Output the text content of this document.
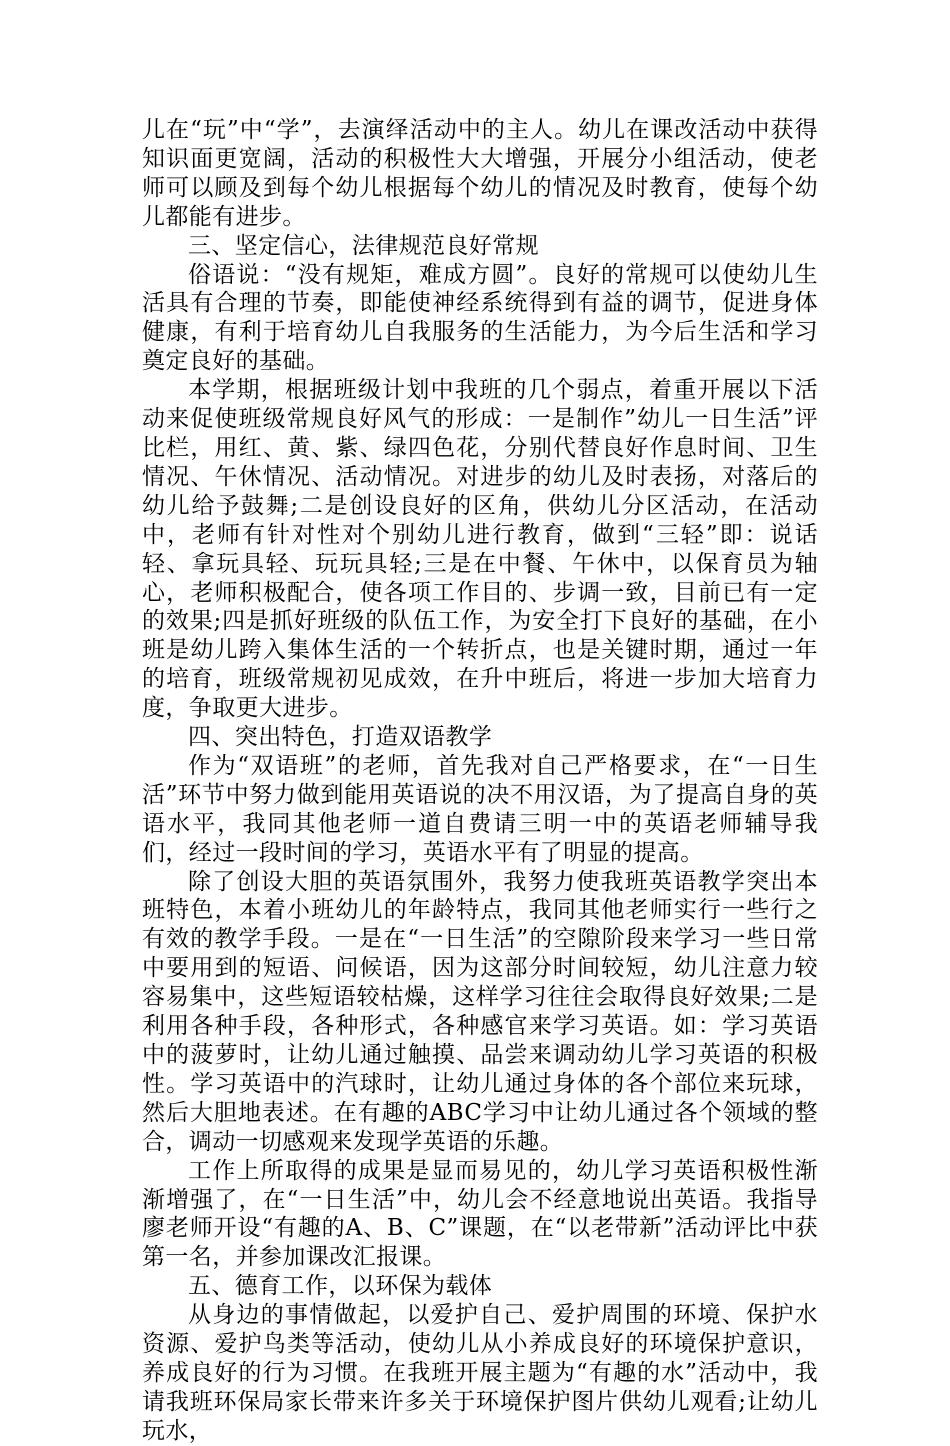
儿在“玩”中“学”，去演绎活动中的主人。幼儿在课改活动中获得知识面更宽阔，活动的积极性大大增强，开展分小组活动，使老师可以顾及到每个幼儿根据每个幼儿的情况及时教育，使每个幼儿都能有进步。

三、坚定信心，法律规范良好常规

俗语说：“没有规矩，难成方圆”。良好的常规可以使幼儿生活具有合理的节奏，即能使神经系统得到有益的调节，促进身体健康，有利于培育幼儿自我服务的生活能力，为今后生活和学习奠定良好的基础。

本学期，根据班级计划中我班的几个弱点，着重开展以下活动来促使班级常规良好风气的形成：一是制作”幼儿一日生活”评比栏，用红、黄、紫、绿四色花，分别代替良好作息时间、卫生情况、午休情况、活动情况。对进步的幼儿及时表扬，对落后的幼儿给予鼓舞;二是创设良好的区角，供幼儿分区活动，在活动中，老师有针对性对个别幼儿进行教育，做到“三轻”即：说话轻、拿玩具轻、玩玩具轻;三是在中餐、午休中，以保育员为轴心，老师积极配合，使各项工作目的、步调一致，目前已有一定的效果;四是抓好班级的队伍工作，为安全打下良好的基础，在小班是幼儿跨入集体生活的一个转折点，也是关键时期，通过一年的培育，班级常规初见成效，在升中班后，将进一步加大培育力度，争取更大进步。

四、突出特色，打造双语教学

作为“双语班”的老师，首先我对自己严格要求，在“一日生活”环节中努力做到能用英语说的决不用汉语，为了提高自身的英语水平，我同其他老师一道自费请三明一中的英语老师辅导我们，经过一段时间的学习，英语水平有了明显的提高。

除了创设大胆的英语氛围外，我努力使我班英语教学突出本班特色，本着小班幼儿的年龄特点，我同其他老师实行一些行之有效的教学手段。一是在“一日生活”的空隙阶段来学习一些日常中要用到的短语、问候语，因为这部分时间较短，幼儿注意力较容易集中，这些短语较枯燥，这样学习往往会取得良好效果;二是利用各种手段，各种形式，各种感官来学习英语。如：学习英语中的菠萝时，让幼儿通过触摸、品尝来调动幼儿学习英语的积极性。学习英语中的汽球时，让幼儿通过身体的各个部位来玩球，然后大胆地表述。在有趣的ABC学习中让幼儿通过各个领域的整合，调动一切感观来发现学英语的乐趣。

工作上所取得的成果是显而易见的，幼儿学习英语积极性渐渐增强了，在“一日生活”中，幼儿会不经意地说出英语。我指导廖老师开设“有趣的A、B、C”课题，在“以老带新”活动评比中获第一名，并参加课改汇报课。

五、德育工作，以环保为载体

从身边的事情做起，以爱护自己、爱护周围的环境、保护水资源、爱护鸟类等活动，使幼儿从小养成良好的环境保护意识，养成良好的行为习惯。在我班开展主题为“有趣的水”活动中，我请我班环保局家长带来许多关于环境保护图片供幼儿观看;让幼儿玩水，
